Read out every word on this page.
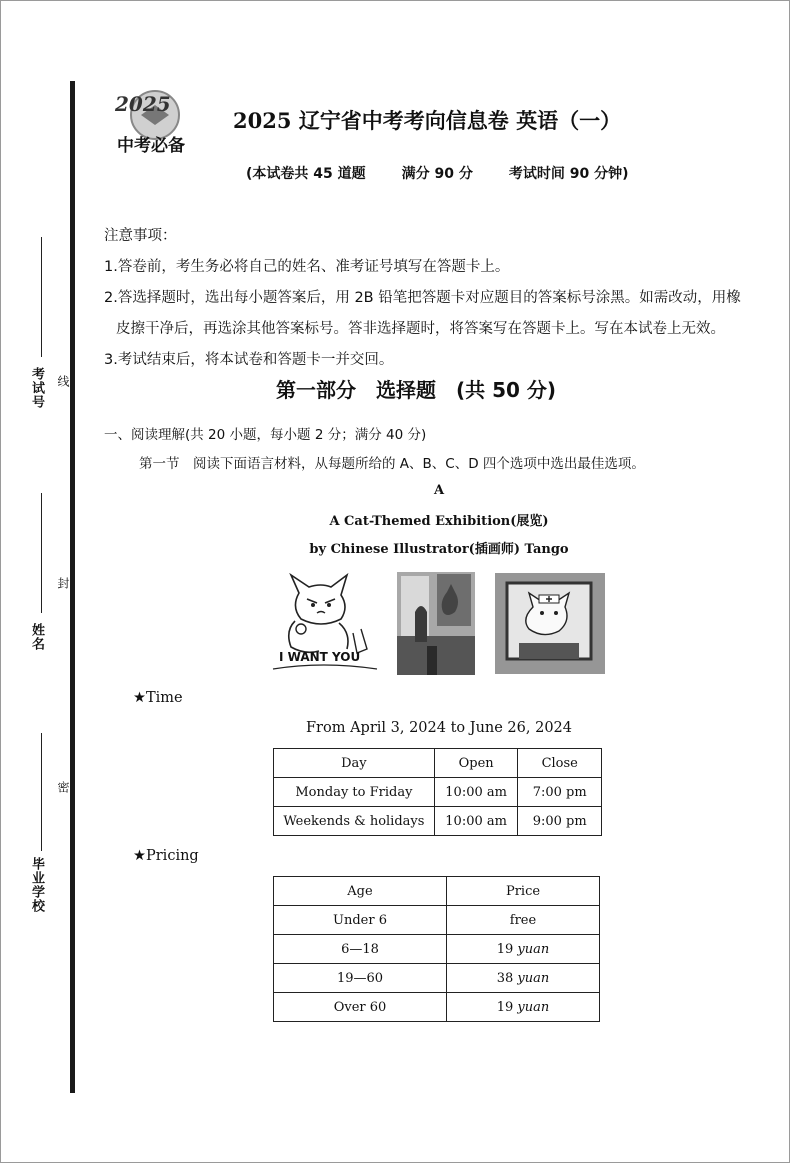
考试号
姓名
毕业学校
线
封
密
2025
中考必备
2025 辽宁省中考考向信息卷 英语（一）
(本试卷共 45 道题	满分 90 分	考试时间 90 分钟)
注意事项：
1.答卷前，考生务必将自己的姓名、准考证号填写在答题卡上。
2.答选择题时，选出每小题答案后，用 2B 铅笔把答题卡对应题目的答案标号涂黑。如需改动，用橡
皮擦干净后，再选涂其他答案标号。答非选择题时，将答案写在答题卡上。写在本试卷上无效。
3.考试结束后，将本试卷和答题卡一并交回。
第一部分　选择题　(共 50 分)
一、阅读理解(共 20 小题，每小题 2 分；满分 40 分)
第一节　阅读下面语言材料，从每题所给的 A、B、C、D 四个选项中选出最佳选项。
A
A Cat-Themed Exhibition(展览)
by Chinese Illustrator(插画师) Tango
I WANT YOU
★Time
From April 3, 2024 to June 26, 2024
Day	Open	Close
Monday to Friday	10:00 am	7:00 pm
Weekends & holidays	10:00 am	9:00 pm
★Pricing
Age	Price
Under 6	free
6—18	19 yuan
19—60	38 yuan
Over 60	19 yuan
